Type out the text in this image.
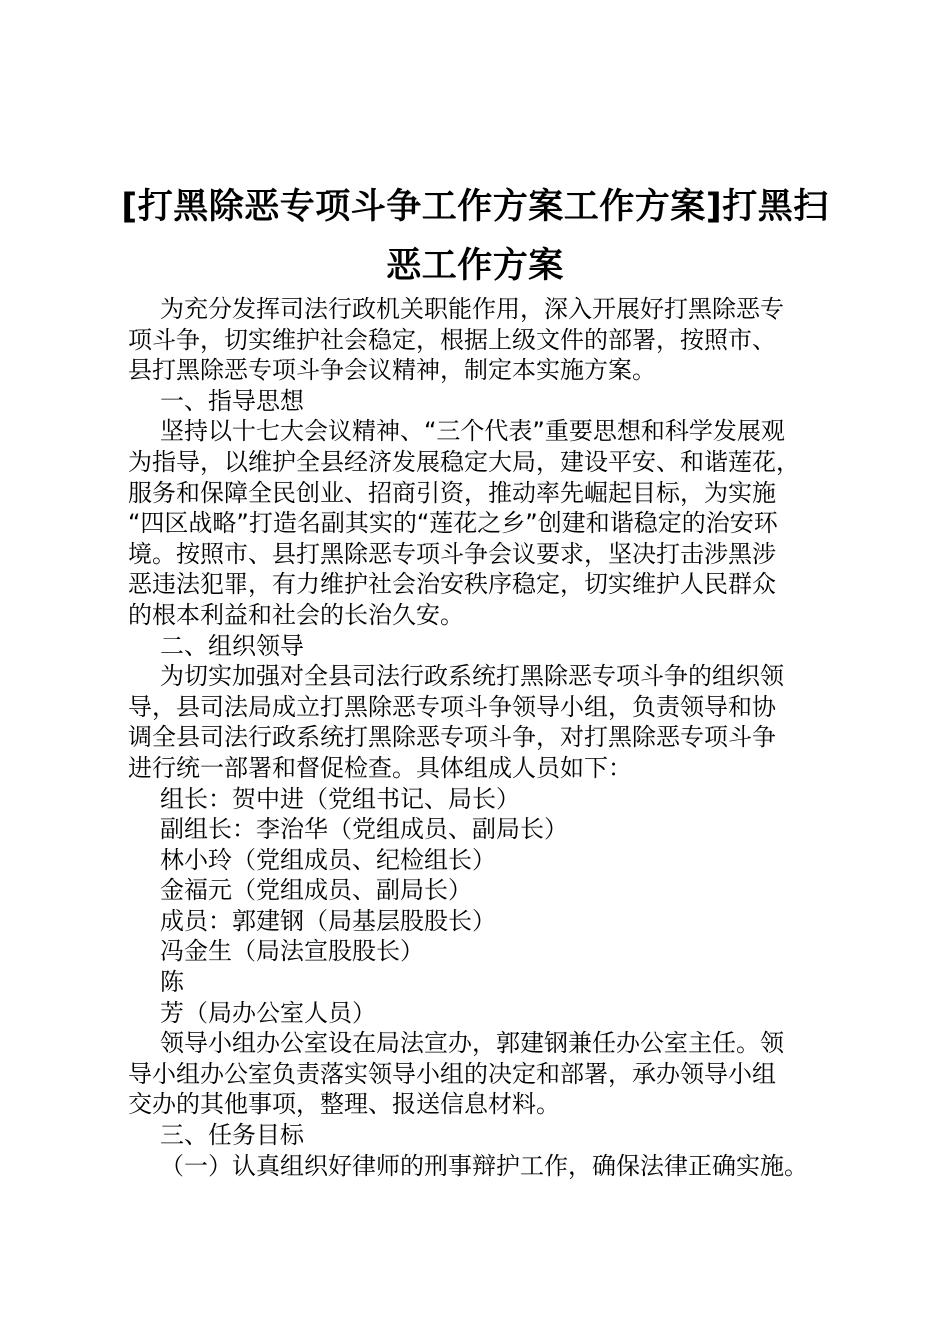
[打黑除恶专项斗争工作方案工作方案]打黑扫
恶工作方案

为充分发挥司法行政机关职能作用，深入开展好打黑除恶专

项斗争，切实维护社会稳定，根据上级文件的部署，按照市、

县打黑除恶专项斗争会议精神，制定本实施方案。

一、指导思想

坚持以十七大会议精神、“三个代表”重要思想和科学发展观

为指导，以维护全县经济发展稳定大局，建设平安、和谐莲花，

服务和保障全民创业、招商引资，推动率先崛起目标，为实施

“四区战略”打造名副其实的“莲花之乡”创建和谐稳定的治安环

境。按照市、县打黑除恶专项斗争会议要求，坚决打击涉黑涉

恶违法犯罪，有力维护社会治安秩序稳定，切实维护人民群众

的根本利益和社会的长治久安。

二、组织领导

为切实加强对全县司法行政系统打黑除恶专项斗争的组织领

导，县司法局成立打黑除恶专项斗争领导小组，负责领导和协

调全县司法行政系统打黑除恶专项斗争，对打黑除恶专项斗争

进行统一部署和督促检查。具体组成人员如下：

组长：贺中进（党组书记、局长）

副组长：李治华（党组成员、副局长）

林小玲（党组成员、纪检组长）

金福元（党组成员、副局长）

成员：郭建钢（局基层股股长）

冯金生（局法宣股股长）

陈

芳（局办公室人员）

领导小组办公室设在局法宣办，郭建钢兼任办公室主任。领

导小组办公室负责落实领导小组的决定和部署，承办领导小组

交办的其他事项，整理、报送信息材料。

三、任务目标

（一）认真组织好律师的刑事辩护工作，确保法律正确实施。
